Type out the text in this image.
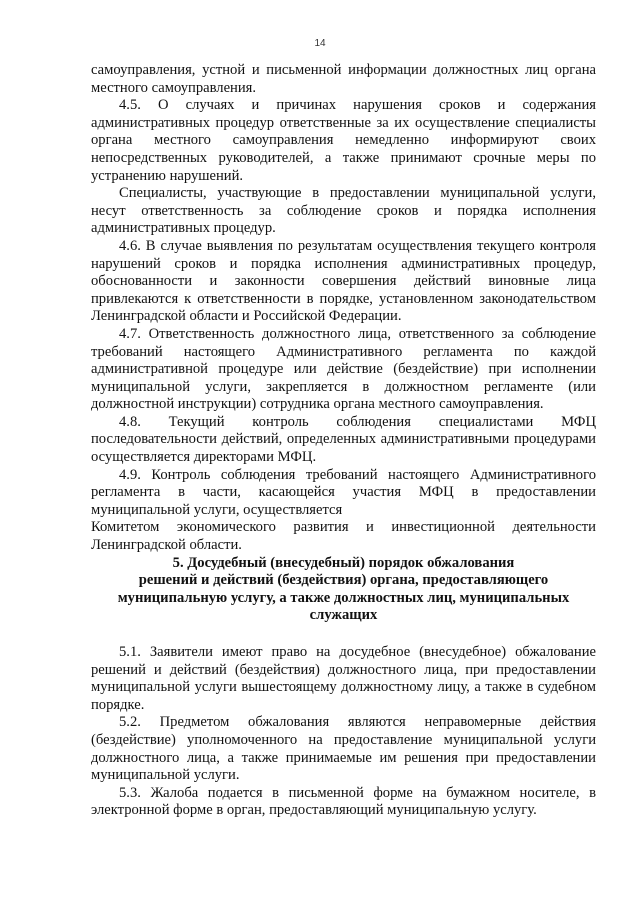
14

самоуправления, устной и письменной информации должностных лиц органа местного самоуправления.

4.5. О случаях и причинах нарушения сроков и содержания административных процедур ответственные за их осуществление специалисты органа местного самоуправления немедленно информируют своих непосредственных руководителей, а также принимают срочные меры по устранению нарушений.

Специалисты, участвующие в предоставлении муниципальной услуги, несут ответственность за соблюдение сроков и порядка исполнения административных процедур.

4.6. В случае выявления по результатам осуществления текущего контроля нарушений сроков и порядка исполнения административных процедур, обоснованности и законности совершения действий виновные лица привлекаются к ответственности в порядке, установленном законодательством Ленинградской области и Российской Федерации.

4.7. Ответственность должностного лица, ответственного за соблюдение требований настоящего Административного регламента по каждой административной процедуре или действие (бездействие) при исполнении муниципальной услуги, закрепляется в должностном регламенте (или должностной инструкции) сотрудника органа местного самоуправления.

4.8. Текущий контроль соблюдения специалистами МФЦ последовательности действий, определенных административными процедурами осуществляется директорами МФЦ.

4.9. Контроль соблюдения требований настоящего Административного регламента в части, касающейся участия МФЦ в предоставлении муниципальной услуги, осуществляется

Комитетом экономического развития и инвестиционной деятельности Ленинградской области.

5. Досудебный (внесудебный) порядок обжалования

решений и действий (бездействия) органа, предоставляющего

муниципальную услугу, а также должностных лиц, муниципальных

служащих

5.1. Заявители имеют право на досудебное (внесудебное) обжалование решений и действий (бездействия) должностного лица, при предоставлении муниципальной услуги вышестоящему должностному лицу, а также в судебном порядке.

5.2. Предметом обжалования являются неправомерные действия (бездействие) уполномоченного на предоставление муниципальной услуги должностного лица, а также принимаемые им решения при предоставлении муниципальной услуги.

5.3. Жалоба подается в письменной форме на бумажном носителе, в электронной форме в орган, предоставляющий муниципальную услугу.
